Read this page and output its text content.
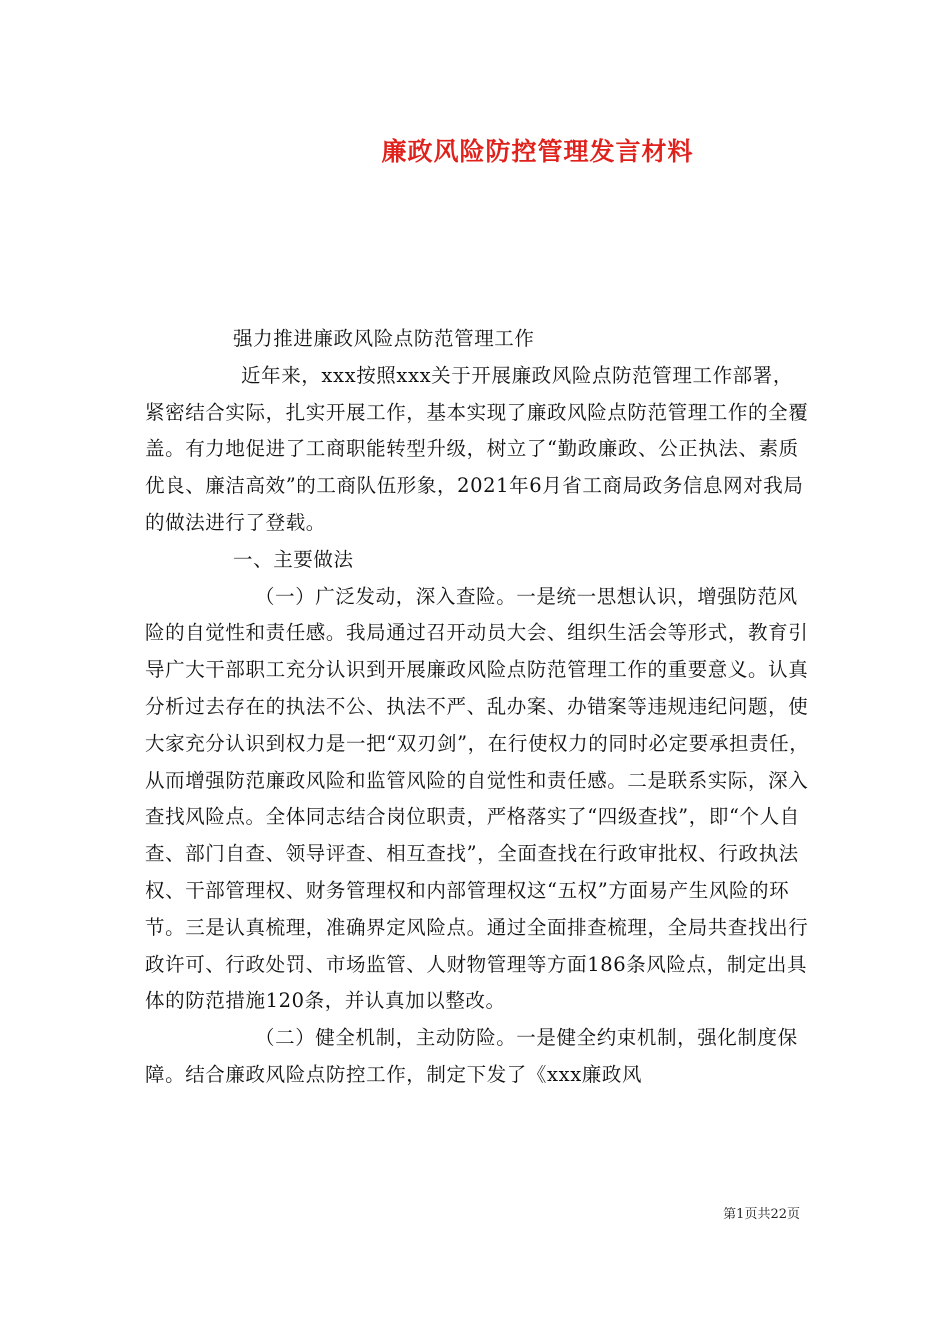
廉政风险防控管理发言材料

强力推进廉政风险点防范管理工作

近年来，xxx按照xxx关于开展廉政风险点防范管理工作部署，紧密结合实际，扎实开展工作，基本实现了廉政风险点防范管理工作的全覆盖。有力地促进了工商职能转型升级，树立了“勤政廉政、公正执法、素质优良、廉洁高效”的工商队伍形象，2021年6月省工商局政务信息网对我局的做法进行了登载。

一、主要做法

（一）广泛发动，深入查险。一是统一思想认识，增强防范风险的自觉性和责任感。我局通过召开动员大会、组织生活会等形式，教育引导广大干部职工充分认识到开展廉政风险点防范管理工作的重要意义。认真分析过去存在的执法不公、执法不严、乱办案、办错案等违规违纪问题，使大家充分认识到权力是一把“双刃剑”，在行使权力的同时必定要承担责任，从而增强防范廉政风险和监管风险的自觉性和责任感。二是联系实际，深入查找风险点。全体同志结合岗位职责，严格落实了“四级查找”，即“个人自查、部门自查、领导评查、相互查找”，全面查找在行政审批权、行政执法权、干部管理权、财务管理权和内部管理权这“五权”方面易产生风险的环节。三是认真梳理，准确界定风险点。通过全面排查梳理，全局共查找出行政许可、行政处罚、市场监管、人财物管理等方面186条风险点，制定出具体的防范措施120条，并认真加以整改。

（二）健全机制，主动防险。一是健全约束机制，强化制度保障。结合廉政风险点防控工作，制定下发了《xxx廉政风

第1页共22页
